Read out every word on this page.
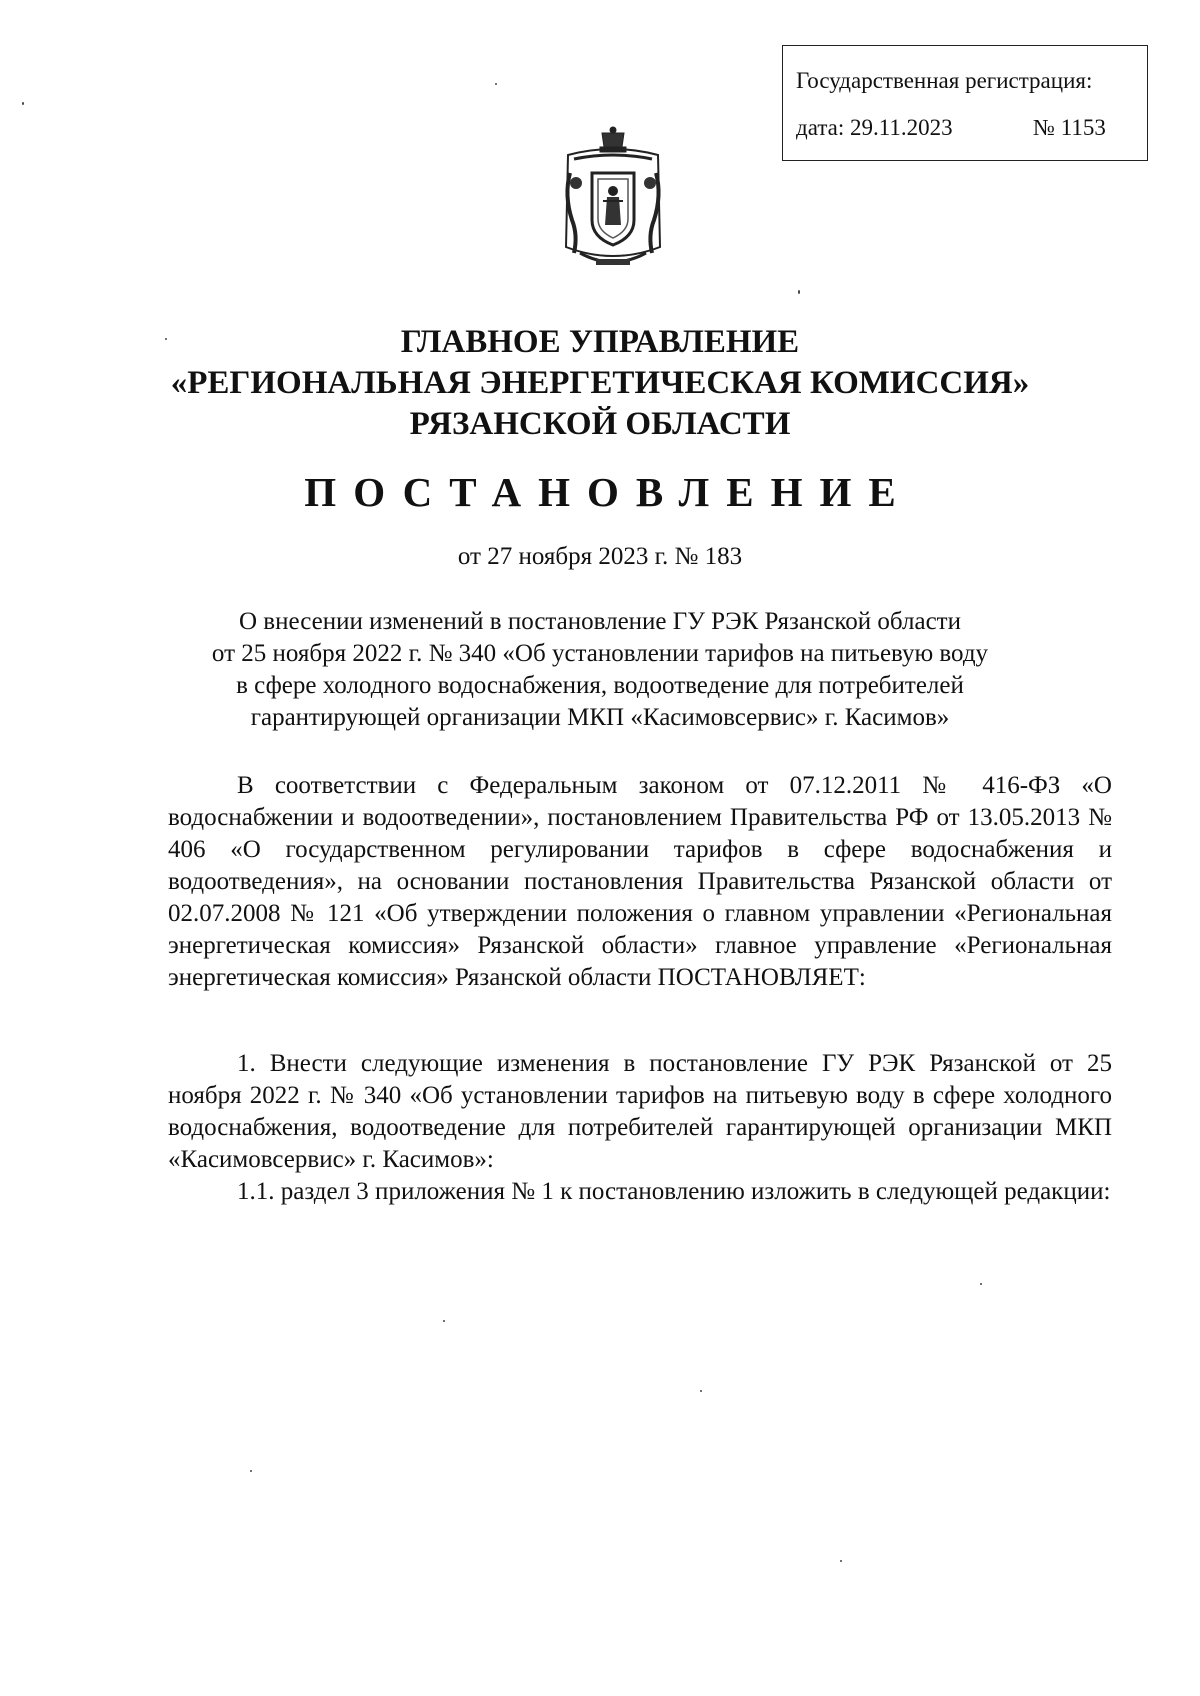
Государственная регистрация:
дата: 29.11.2023	№ 1153
ГЛАВНОЕ УПРАВЛЕНИЕ
«РЕГИОНАЛЬНАЯ ЭНЕРГЕТИЧЕСКАЯ КОМИССИЯ»
РЯЗАНСКОЙ ОБЛАСТИ
ПОСТАНОВЛЕНИЕ
от 27 ноября 2023 г. № 183
О внесении изменений в постановление ГУ РЭК Рязанской области
от 25 ноября 2022 г. № 340 «Об установлении тарифов на питьевую воду
в сфере холодного водоснабжения, водоотведение для потребителей
гарантирующей организации МКП «Касимовсервис» г. Касимов»

В соответствии с Федеральным законом от 07.12.2011 № 416-ФЗ «О водоснабжении и водоотведении», постановлением Правительства РФ от 13.05.2013 № 406 «О государственном регулировании тарифов в сфере водоснабжения и водоотведения», на основании постановления Правительства Рязанской области от 02.07.2008 № 121 «Об утверждении положения о главном управлении «Региональная энергетическая комиссия» Рязанской области» главное управление «Региональная энергетическая комиссия» Рязанской области ПОСТАНОВЛЯЕТ:

1. Внести следующие изменения в постановление ГУ РЭК Рязанской от 25 ноября 2022 г. № 340 «Об установлении тарифов на питьевую воду в сфере холодного водоснабжения, водоотведение для потребителей гарантирующей организации МКП «Касимовсервис» г. Касимов»:

1.1. раздел 3 приложения № 1 к постановлению изложить в следующей редакции:
